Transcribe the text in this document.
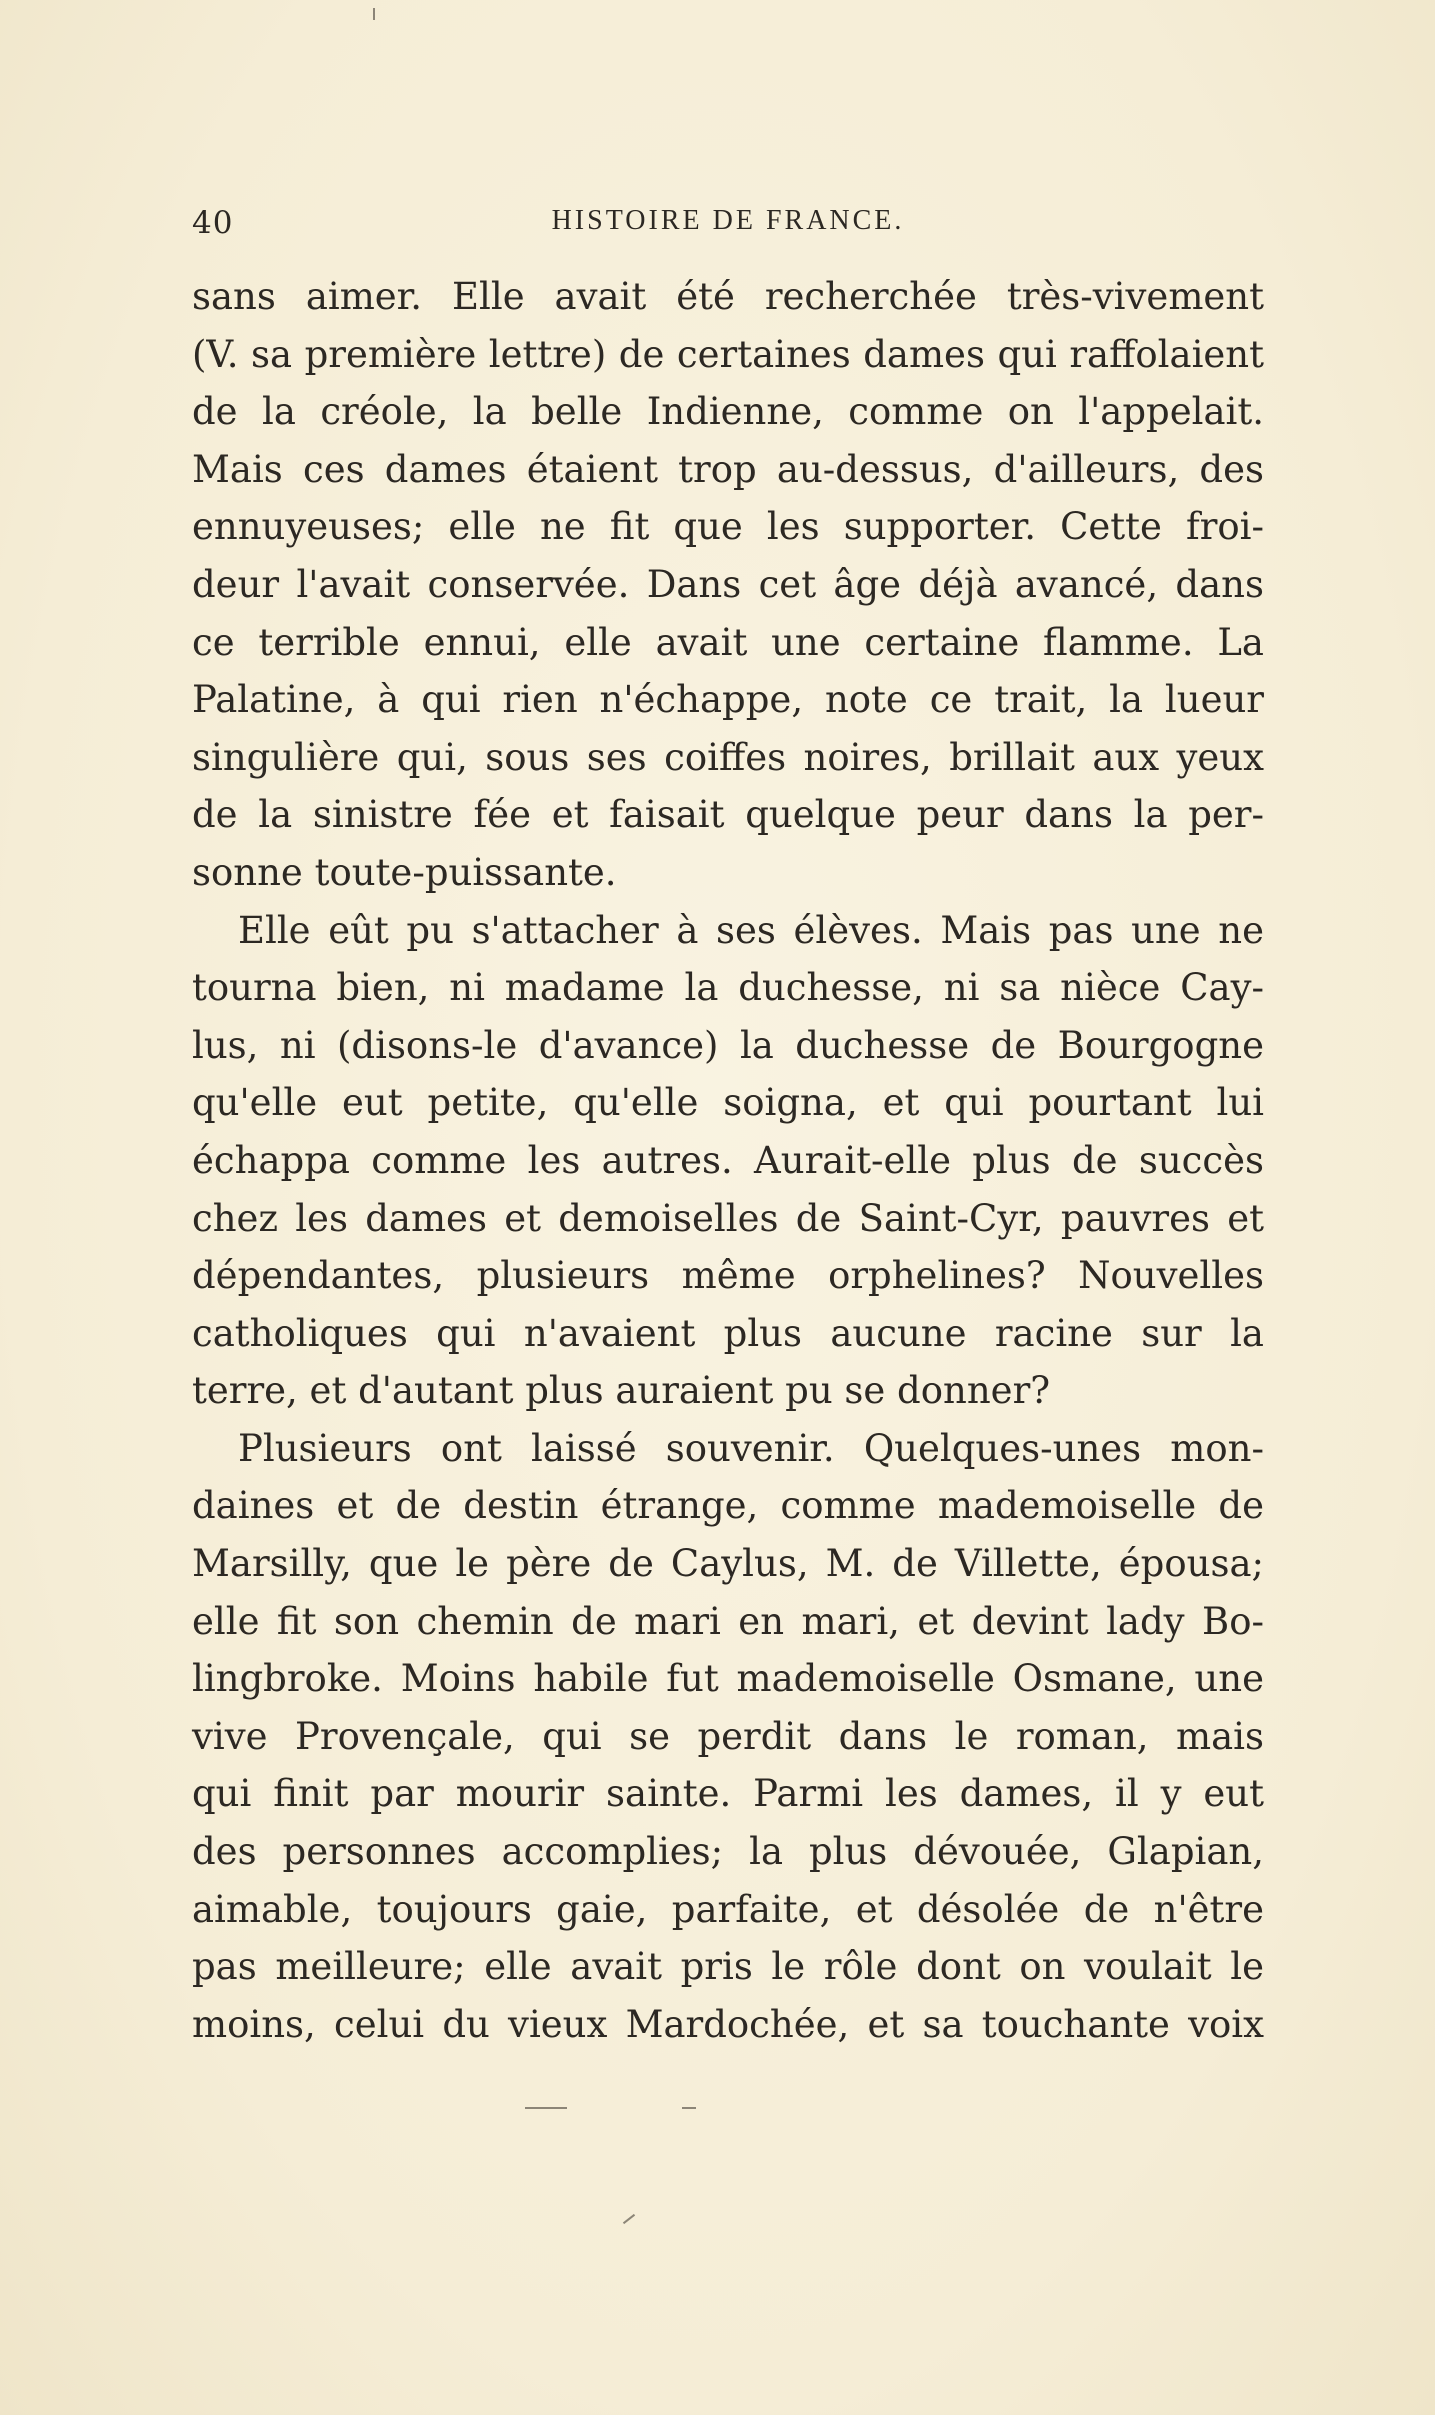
40	HISTOIRE DE FRANCE.
sans aimer. Elle avait été recherchée très-vivement
(V. sa première lettre) de certaines dames qui raffolaient
de la créole, la belle Indienne, comme on l'appelait.
Mais ces dames étaient trop au-dessus, d'ailleurs, des
ennuyeuses; elle ne fit que les supporter. Cette froi-
deur l'avait conservée. Dans cet âge déjà avancé, dans
ce terrible ennui, elle avait une certaine flamme. La
Palatine, à qui rien n'échappe, note ce trait, la lueur
singulière qui, sous ses coiffes noires, brillait aux yeux
de la sinistre fée et faisait quelque peur dans la per-
sonne toute-puissante.
Elle eût pu s'attacher à ses élèves. Mais pas une ne
tourna bien, ni madame la duchesse, ni sa nièce Cay-
lus, ni (disons-le d'avance) la duchesse de Bourgogne
qu'elle eut petite, qu'elle soigna, et qui pourtant lui
échappa comme les autres. Aurait-elle plus de succès
chez les dames et demoiselles de Saint-Cyr, pauvres et
dépendantes, plusieurs même orphelines? Nouvelles
catholiques qui n'avaient plus aucune racine sur la
terre, et d'autant plus auraient pu se donner?
Plusieurs ont laissé souvenir. Quelques-unes mon-
daines et de destin étrange, comme mademoiselle de
Marsilly, que le père de Caylus, M. de Villette, épousa;
elle fit son chemin de mari en mari, et devint lady Bo-
lingbroke. Moins habile fut mademoiselle Osmane, une
vive Provençale, qui se perdit dans le roman, mais
qui finit par mourir sainte. Parmi les dames, il y eut
des personnes accomplies; la plus dévouée, Glapian,
aimable, toujours gaie, parfaite, et désolée de n'être
pas meilleure; elle avait pris le rôle dont on voulait le
moins, celui du vieux Mardochée, et sa touchante voix
